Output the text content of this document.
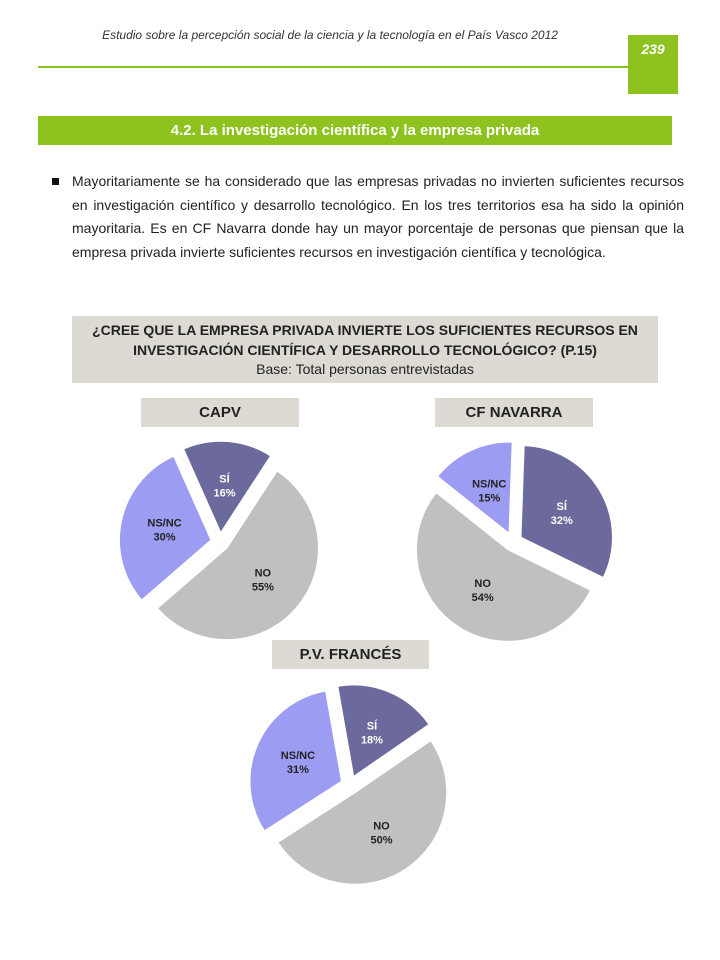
Estudio sobre la percepción social de la ciencia y la tecnología en el País Vasco 2012
239
4.2. La investigación científica y la empresa privada

Mayoritariamente se ha considerado que las empresas privadas no invierten suficientes recursos en investigación científico y desarrollo tecnológico. En los tres territorios esa ha sido la opinión mayoritaria. Es en CF Navarra donde hay un mayor porcentaje de personas que piensan que la empresa privada invierte suficientes recursos en investigación científica y tecnológica.

¿CREE QUE LA EMPRESA PRIVADA INVIERTE LOS SUFICIENTES RECURSOS EN
INVESTIGACIÓN CIENTÍFICA Y DESARROLLO TECNOLÓGICO? (P.15)
Base: Total personas entrevistadas
CAPV	CF NAVARRA
P.V. FRANCÉS
SÍ
16%
NO
55%
NS/NC
30%
SÍ
32%
NO
54%
NS/NC
15%
SÍ
18%
NO
50%
NS/NC
31%
